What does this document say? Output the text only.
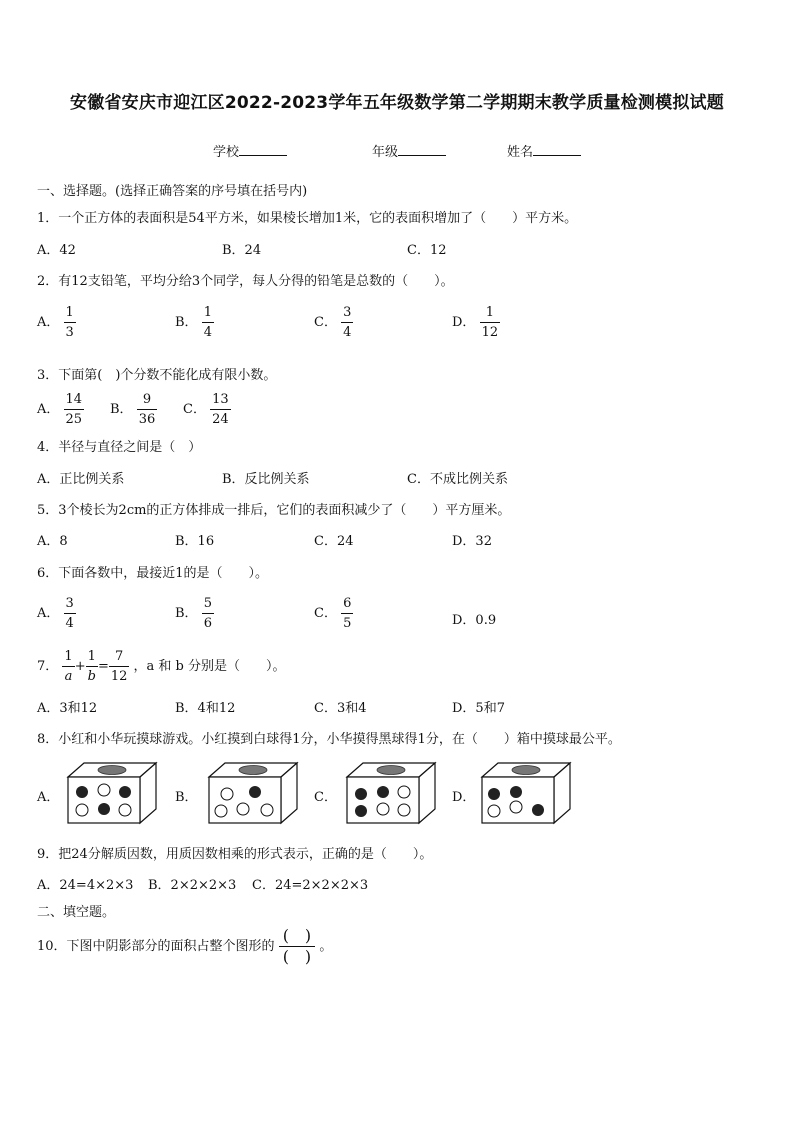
安徽省安庆市迎江区2022-2023学年五年级数学第二学期期末教学质量检测模拟试题
学校	年级	姓名
一、选择题。(选择正确答案的序号填在括号内)
1．一个正方体的表面积是54平方米，如果棱长增加1米，它的表面积增加了（　　）平方米。
A．42	B．24	C．12
2．有12支铅笔，平均分给3个同学，每人分得的铅笔是总数的（　　）。
A． $\frac{1}{3}$	B． $\frac{1}{4}$	C． $\frac{3}{4}$	D． $\frac{1}{12}$
3．下面第(　)个分数不能化成有限小数。
A． $\frac{14}{25}$ B． $\frac{9}{36}$ C． $\frac{13}{24}$
4．半径与直径之间是（　）
A．正比例关系	B．反比例关系	C．不成比例关系
5．3个棱长为2cm的正方体排成一排后，它们的表面积减少了（　　）平方厘米。
A．8	B．16	C．24	D．32
6．下面各数中，最接近1的是（　　）。
A． $\frac{3}{4}$	B． $\frac{5}{6}$	C． $\frac{6}{5}$	D．0.9
7． $\frac{1}{a} + \frac{1}{b} = \frac{7}{12}$ ，a 和 b 分别是（　　）。
A．3和12	B．4和12	C．3和4	D．5和7
8．小红和小华玩摸球游戏。小红摸到白球得1分，小华摸得黑球得1分，在（　　）箱中摸球最公平。
A．	B．	C．	D．
9．把24分解质因数，用质因数相乘的形式表示，正确的是（　　）。
A．24=4×2×3 B．2×2×2×3 C．24=2×2×2×3
二、填空题。
10．下图中阴影部分的面积占整个图形的 $\frac{( )}{( )}$ 。
